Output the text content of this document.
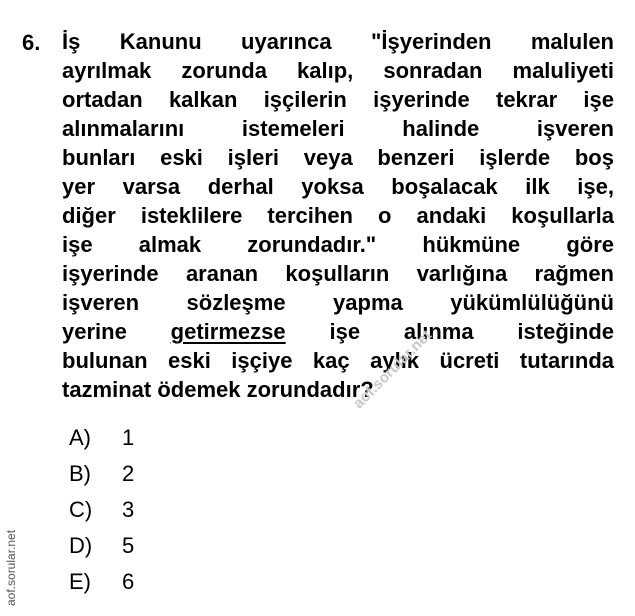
6. İş Kanunu uyarınca "İşyerinden malulen
ayrılmak zorunda kalıp, sonradan maluliyeti
ortadan kalkan işçilerin işyerinde tekrar işe
alınmalarını istemeleri halinde işveren
bunları eski işleri veya benzeri işlerde boş
yer varsa derhal yoksa boşalacak ilk işe,
diğer isteklilere tercihen o andaki koşullarla
işe almak zorundadır." hükmüne göre
işyerinde aranan koşulların varlığına rağmen
işveren sözleşme yapma yükümlülüğünü
yerine getirmezse işe alınma isteğinde
bulunan eski işçiye kaç aylık ücreti tutarında
tazminat ödemek zorundadır?
A)	1
B)	2
C)	3
D)	5
E)	6
aof.sorular.net
aof.sorular.net
